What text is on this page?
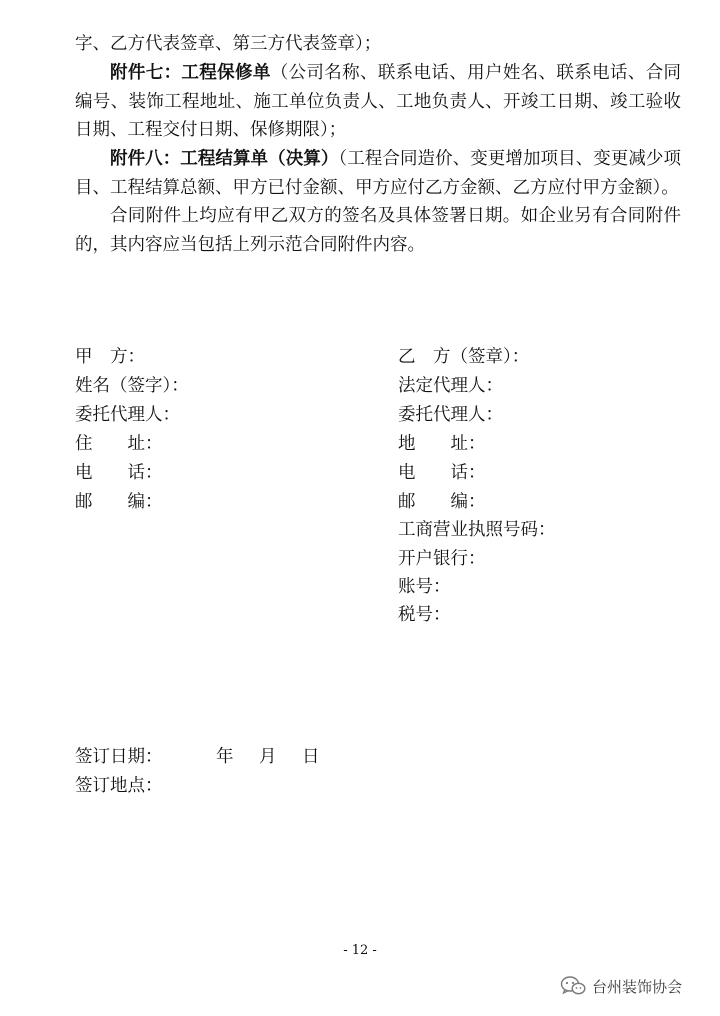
字、乙方代表签章、第三方代表签章）；

附件七：工程保修单（公司名称、联系电话、用户姓名、联系电话、合同编号、装饰工程地址、施工单位负责人、工地负责人、开竣工日期、竣工验收日期、工程交付日期、保修期限）；

附件八：工程结算单（决算）（工程合同造价、变更增加项目、变更减少项目、工程结算总额、甲方已付金额、甲方应付乙方金额、乙方应付甲方金额）。

合同附件上均应有甲乙双方的签名及具体签署日期。如企业另有合同附件的，其内容应当包括上列示范合同附件内容。

甲　方：
姓名（签字）：
委托代理人：
住　　址：
电　　话：
邮　　编：
乙　方（签章）：
法定代理人：
委托代理人：
地　　址：
电　　话：
邮　　编：
工商营业执照号码：
开户银行：
账号：
税号：
签订日期：	年 月 日
签订地点：
- 12 -
台州装饰协会
